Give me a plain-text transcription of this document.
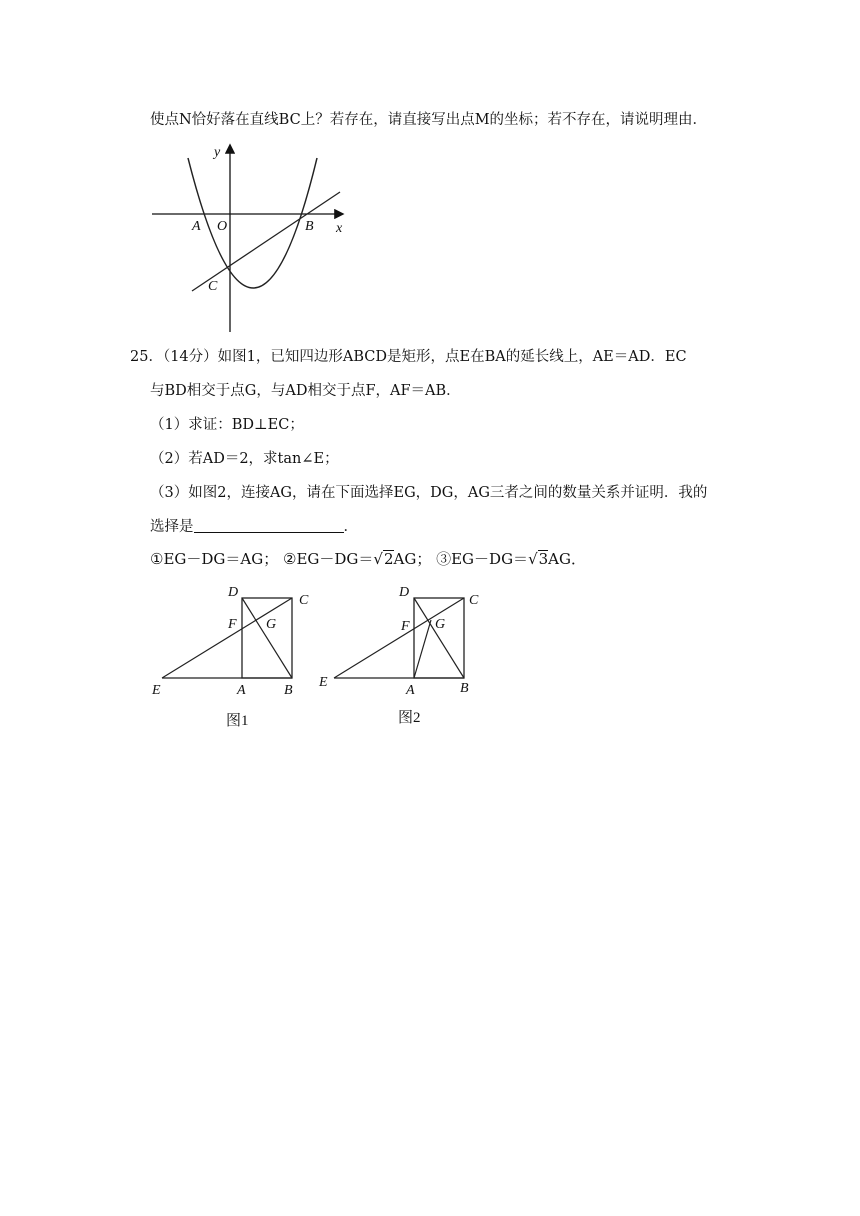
使点N恰好落在直线BC上？若存在，请直接写出点M的坐标；若不存在，请说明理由．
y
x
A O	B
C
25．（14分）如图1，已知四边形ABCD是矩形，点E在BA的延长线上，AE＝AD．EC
与BD相交于点G，与AD相交于点F，AF＝AB．
（1）求证：BD⊥EC；
（2）若AD＝2，求tan∠E；
（3）如图2，连接AG，请在下面选择EG，DG，AG三者之间的数量关系并证明．我的
选择是	．
①EG－DG＝AG； ②EG－DG＝√2AG； ③EG－DG＝√3AG．
D
C
F G
E	A	B
图1
D
C
F G
E
A	B
图2
